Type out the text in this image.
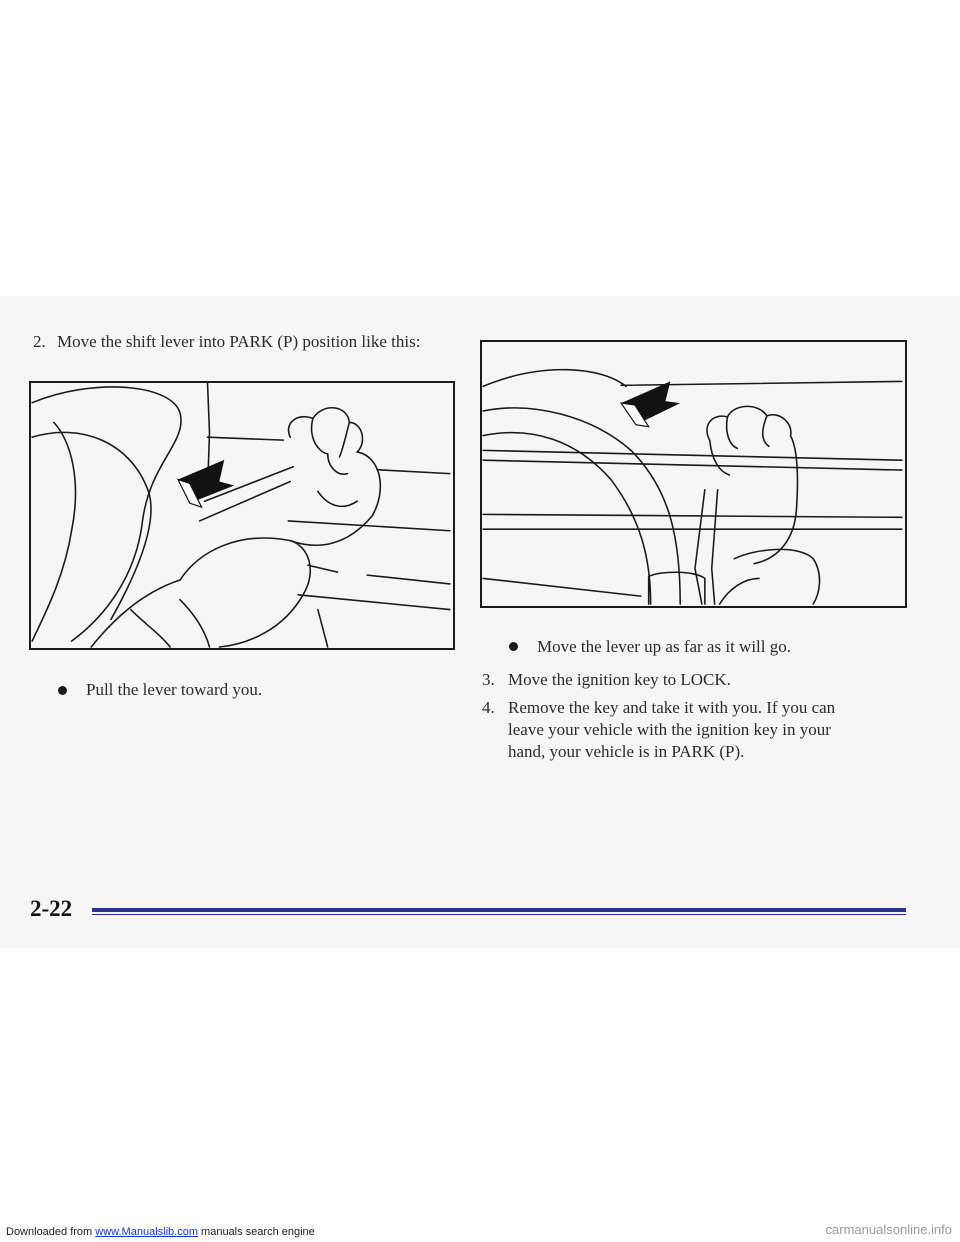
2. Move the shift lever into PARK (P) position like this:
Move the lever up as far as it will go.
Pull the lever toward you.
3. Move the ignition key to LOCK.
4. Remove the key and take it with you. If you can
leave your vehicle with the ignition key in your
hand, your vehicle is in PARK (P).
2-22
Downloaded from www.Manualslib.com manuals search engine	carmanualsonline.info
